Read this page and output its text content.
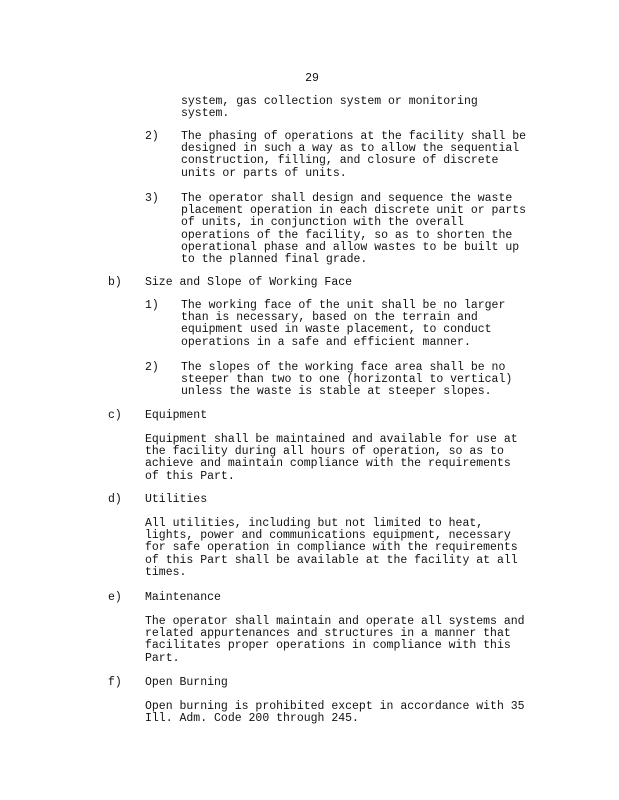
29
system, gas collection system or monitoring
system.
2) The phasing of operations at the facility shall be
designed in such a way as to allow the sequential
construction, filling, and closure of discrete
units or parts of units.
3) The operator shall design and sequence the waste
placement operation in each discrete unit or parts
of units, in conjunction with the overall
operations of the facility, so as to shorten the
operational phase and allow wastes to be built up
to the planned final grade.
b) Size and Slope of Working Face
1) The working face of the unit shall be no larger
than is necessary, based on the terrain and
equipment used in waste placement, to conduct
operations in a safe and efficient manner.
2) The slopes of the working face area shall be no
steeper than two to one (horizontal to vertical)
unless the waste is stable at steeper slopes.
c) Equipment
Equipment shall be maintained and available for use at
the facility during all hours of operation, so as to
achieve and maintain compliance with the requirements
of this Part.
d) Utilities
All utilities, including but not limited to heat,
lights, power and communications equipment, necessary
for safe operation in compliance with the requirements
of this Part shall be available at the facility at all
times.
e) Maintenance
The operator shall maintain and operate all systems and
related appurtenances and structures in a manner that
facilitates proper operations in compliance with this
Part.
f) Open Burning
Open burning is prohibited except in accordance with 35
Ill. Adm. Code 200 through 245.
